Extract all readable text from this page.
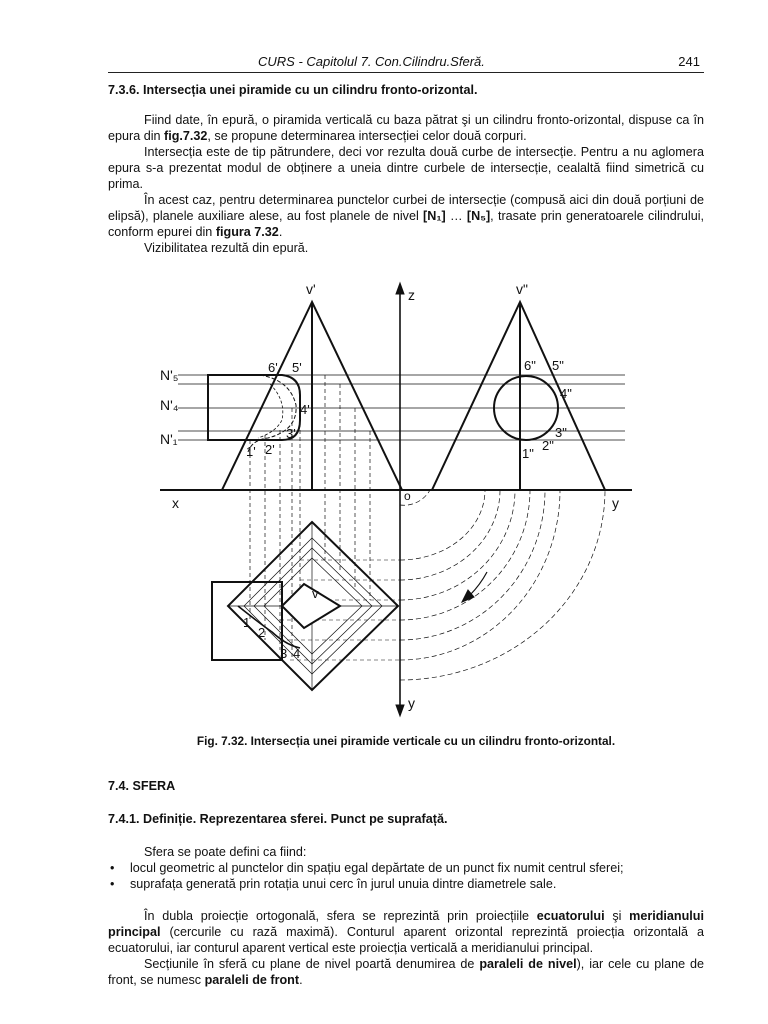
CURS - Capitolul 7. Con.Cilindru.Sferă.	241
7.3.6. Intersecția unei piramide cu un cilindru fronto-orizontal.

Fiind date, în epură, o piramida verticală cu baza pătrat şi un cilindru fronto-orizontal, dispuse ca în epura din fig.7.32, se propune determinarea intersecției celor două corpuri.

Intersecția este de tip pătrundere, deci vor rezulta două curbe de intersecție. Pentru a nu aglomera epura s-a prezentat modul de obținere a uneia dintre curbele de intersecție, cealaltă fiind simetrică cu prima.

În acest caz, pentru determinarea punctelor curbei de intersecție (compusă aici din două porțiuni de elipsă), planele auxiliare alese, au fost planele de nivel [N₁] … [N₅], trasate prin generatoarele cilindrului, conform epurei din figura 7.32.

Vizibilitatea rezultă din epură.

v'	v"
z
x	o	y
y
N'₅
N'₄
N'₁
6' 5'
4'
3'
2'
1'
6" 5"
4"
3"
2"
1"
v
1
2
3 4
Fig. 7.32. Intersecția unei piramide verticale cu un cilindru fronto-orizontal.
7.4. SFERA
7.4.1. Definiție. Reprezentarea sferei. Punct pe suprafață.

Sfera se poate defini ca fiind:

• locul geometric al punctelor din spațiu egal depărtate de un punct fix numit centrul sferei;
• suprafața generată prin rotația unui cerc în jurul unuia dintre diametrele sale.

În dubla proiecție ortogonală, sfera se reprezintă prin proiecțiile ecuatorului şi meridianului principal (cercurile cu rază maximă). Conturul aparent orizontal reprezintă proiecția orizontală a ecuatorului, iar conturul aparent vertical este proiecția verticală a meridianului principal.

Secțiunile în sferă cu plane de nivel poartă denumirea de paraleli de nivel), iar cele cu plane de front, se numesc paraleli de front.
